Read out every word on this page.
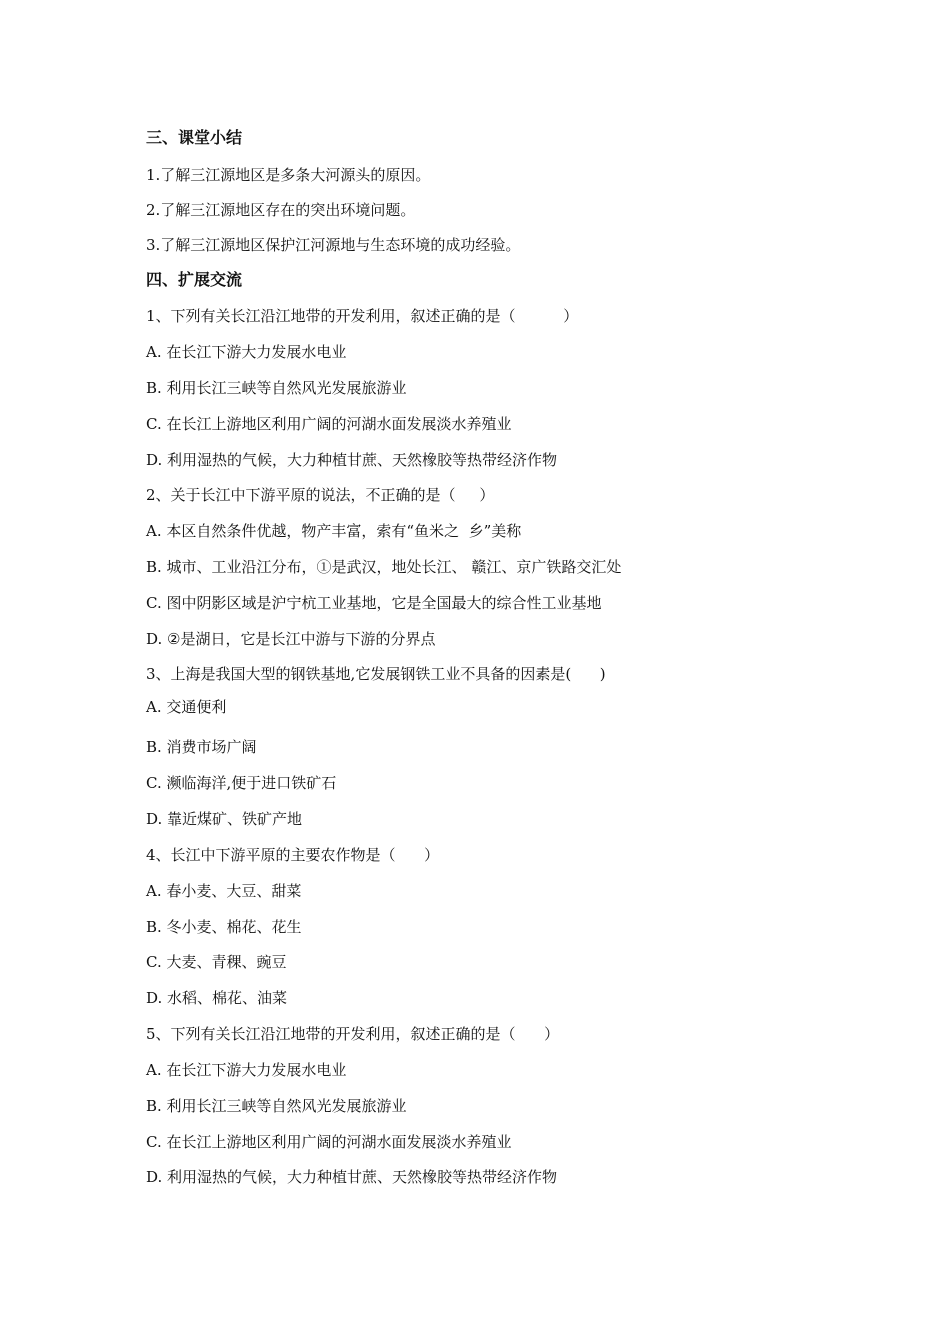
三、课堂小结

1.了解三江源地区是多条大河源头的原因。

2.了解三江源地区存在的突出环境问题。

3.了解三江源地区保护江河源地与生态环境的成功经验。

四、扩展交流

1、下列有关长江沿江地带的开发利用，叙述正确的是（          ）

A. 在长江下游大力发展水电业

B. 利用长江三峡等自然风光发展旅游业

C. 在长江上游地区利用广阔的河湖水面发展淡水养殖业

D. 利用湿热的气候，大力种植甘蔗、天然橡胶等热带经济作物

2、关于长江中下游平原的说法，不正确的是（     ）

A. 本区自然条件优越，物产丰富，索有“鱼米之  乡”美称

B. 城市、工业沿江分布，①是武汉，地处长江、 赣江、京广铁路交汇处

C. 图中阴影区域是沪宁杭工业基地，它是全国最大的综合性工业基地

D. ②是湖日，它是长江中游与下游的分界点

3、上海是我国大型的钢铁基地,它发展钢铁工业不具备的因素是(      )

A. 交通便利

B. 消费市场广阔

C. 濒临海洋,便于进口铁矿石

D. 靠近煤矿、铁矿产地

4、长江中下游平原的主要农作物是（      ）

A. 春小麦、大豆、甜菜

B. 冬小麦、棉花、花生

C. 大麦、青稞、豌豆

D. 水稻、棉花、油菜

5、下列有关长江沿江地带的开发利用，叙述正确的是（      ）

A. 在长江下游大力发展水电业

B. 利用长江三峡等自然风光发展旅游业

C. 在长江上游地区利用广阔的河湖水面发展淡水养殖业

D. 利用湿热的气候，大力种植甘蔗、天然橡胶等热带经济作物
